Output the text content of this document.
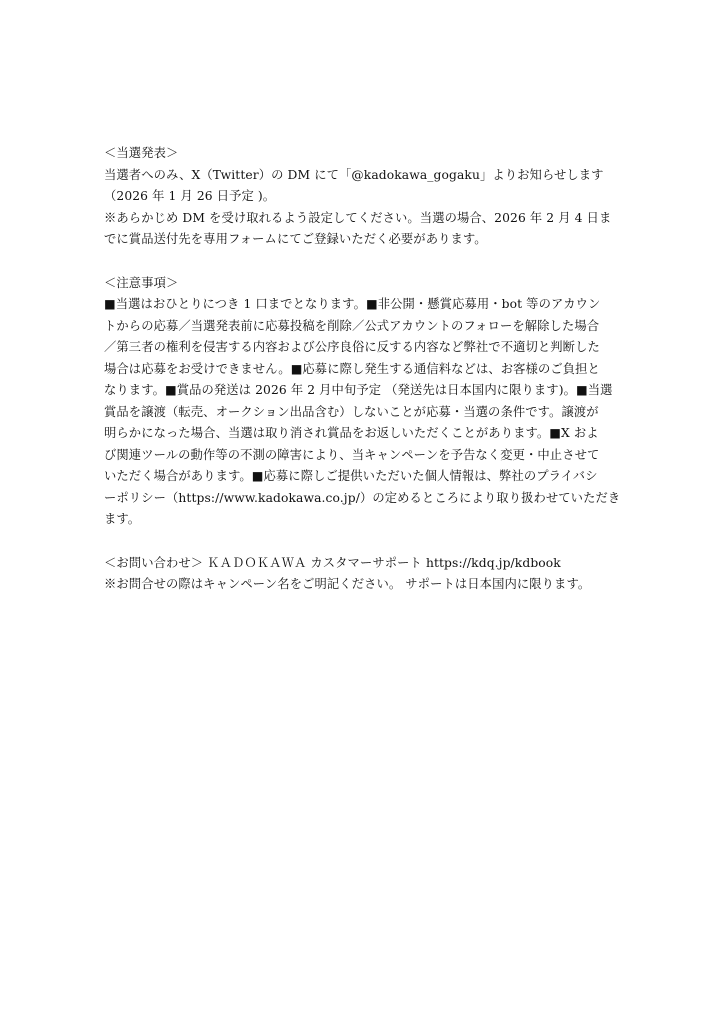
＜当選発表＞
当選者へのみ、X（Twitter）の DM にて「@kadokawa_gogaku」よりお知らせします
（2026 年 1 月 26 日予定 )。
※あらかじめ DM を受け取れるよう設定してください。当選の場合、2026 年 2 月 4 日ま
でに賞品送付先を専用フォームにてご登録いただく必要があります。
＜注意事項＞
■当選はおひとりにつき 1 口までとなります。■非公開・懸賞応募用・bot 等のアカウン
トからの応募／当選発表前に応募投稿を削除／公式アカウントのフォローを解除した場合
／第三者の権利を侵害する内容および公序良俗に反する内容など弊社で不適切と判断した
場合は応募をお受けできません。■応募に際し発生する通信料などは、お客様のご負担と
なります。■賞品の発送は 2026 年 2 月中旬予定 （発送先は日本国内に限ります)。■当選
賞品を譲渡（転売、オークション出品含む）しないことが応募・当選の条件です。譲渡が
明らかになった場合、当選は取り消され賞品をお返しいただくことがあります。■X およ
び関連ツールの動作等の不測の障害により、当キャンペーンを予告なく変更・中止させて
いただく場合があります。■応募に際しご提供いただいた個人情報は、弊社のプライバシ
ーポリシー（https://www.kadokawa.co.jp/）の定めるところにより取り扱わせていただき
ます。
＜お問い合わせ＞ ＫＡＤＯＫＡＷＡ カスタマーサポート https://kdq.jp/kdbook
※お問合せの際はキャンペーン名をご明記ください。 サポートは日本国内に限ります。
